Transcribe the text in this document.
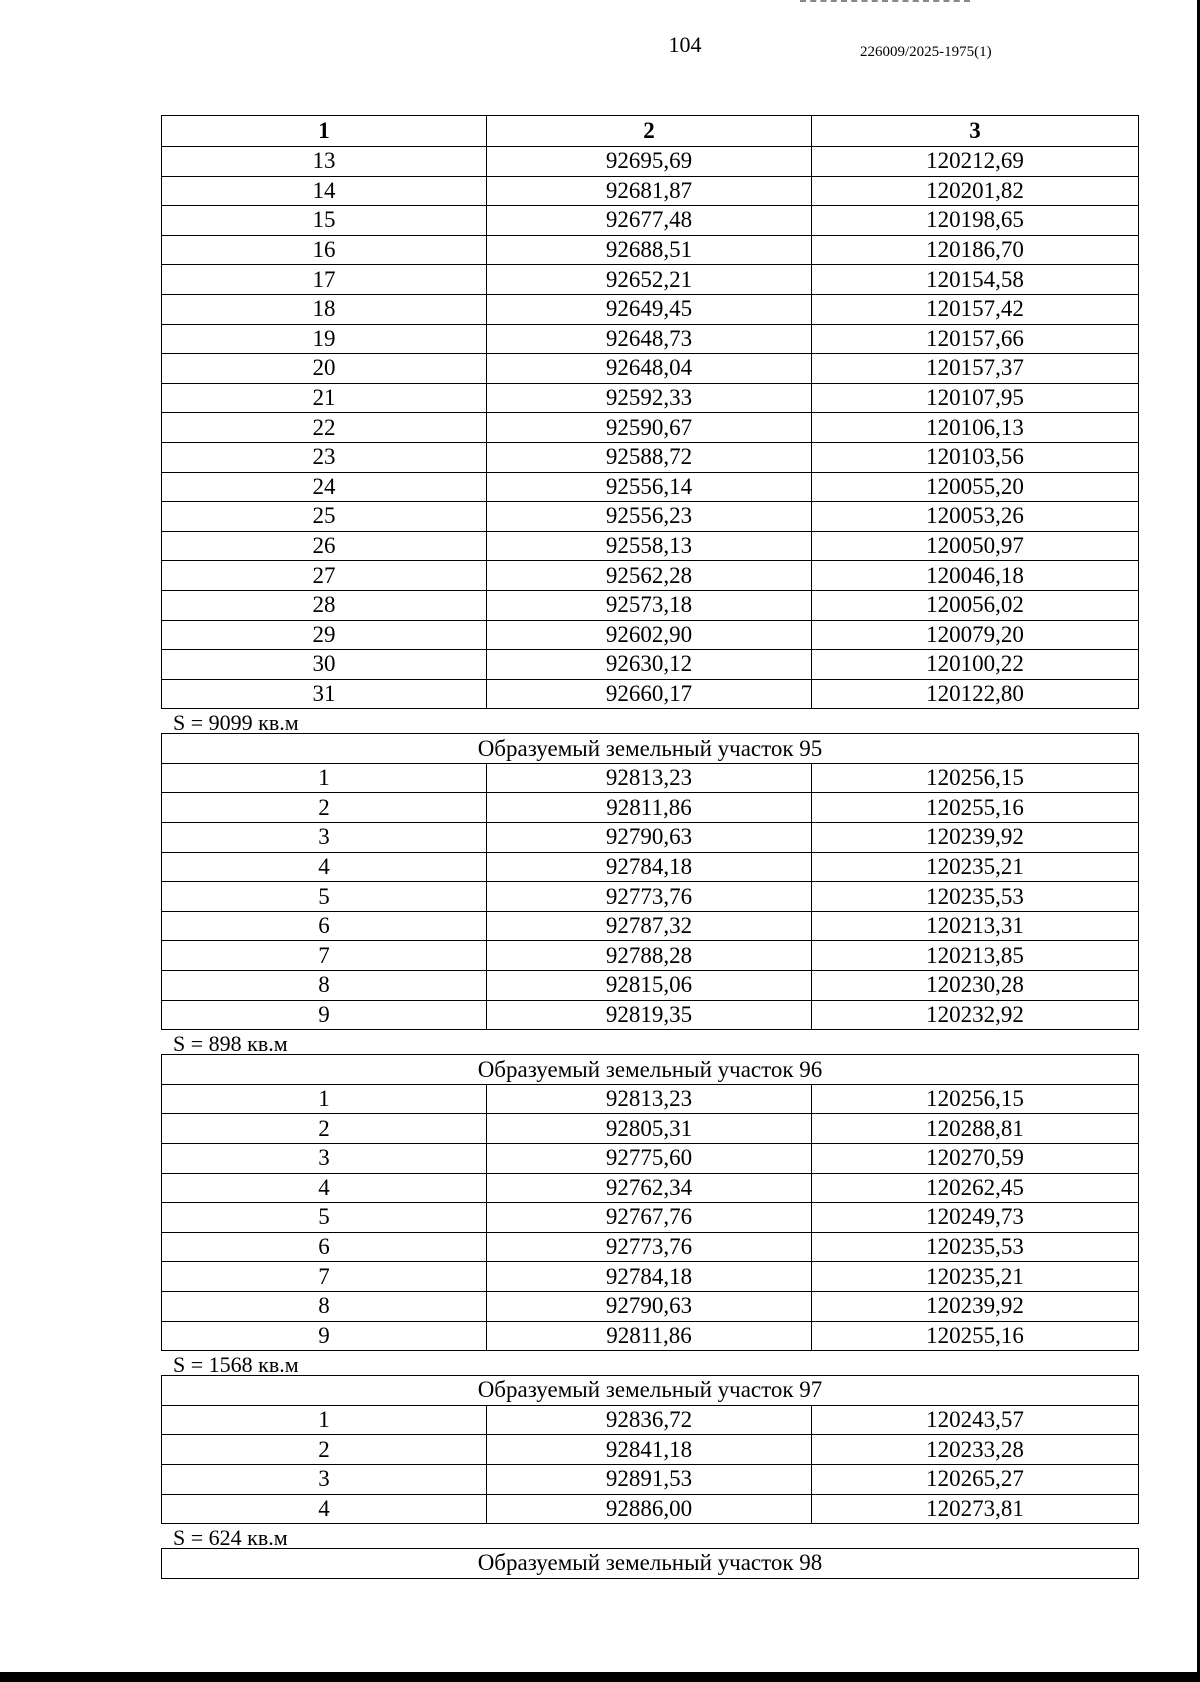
104	226009/2025-1975(1)
1	2	3
13	92695,69	120212,69
14	92681,87	120201,82
15	92677,48	120198,65
16	92688,51	120186,70
17	92652,21	120154,58
18	92649,45	120157,42
19	92648,73	120157,66
20	92648,04	120157,37
21	92592,33	120107,95
22	92590,67	120106,13
23	92588,72	120103,56
24	92556,14	120055,20
25	92556,23	120053,26
26	92558,13	120050,97
27	92562,28	120046,18
28	92573,18	120056,02
29	92602,90	120079,20
30	92630,12	120100,22
31	92660,17	120122,80
S = 9099 кв.м
Образуемый земельный участок 95		
1	92813,23	120256,15
2	92811,86	120255,16
3	92790,63	120239,92
4	92784,18	120235,21
5	92773,76	120235,53
6	92787,32	120213,31
7	92788,28	120213,85
8	92815,06	120230,28
9	92819,35	120232,92
S = 898 кв.м
Образуемый земельный участок 96		
1	92813,23	120256,15
2	92805,31	120288,81
3	92775,60	120270,59
4	92762,34	120262,45
5	92767,76	120249,73
6	92773,76	120235,53
7	92784,18	120235,21
8	92790,63	120239,92
9	92811,86	120255,16
S = 1568 кв.м
Образуемый земельный участок 97		
1	92836,72	120243,57
2	92841,18	120233,28
3	92891,53	120265,27
4	92886,00	120273,81
S = 624 кв.м
Образуемый земельный участок 98
